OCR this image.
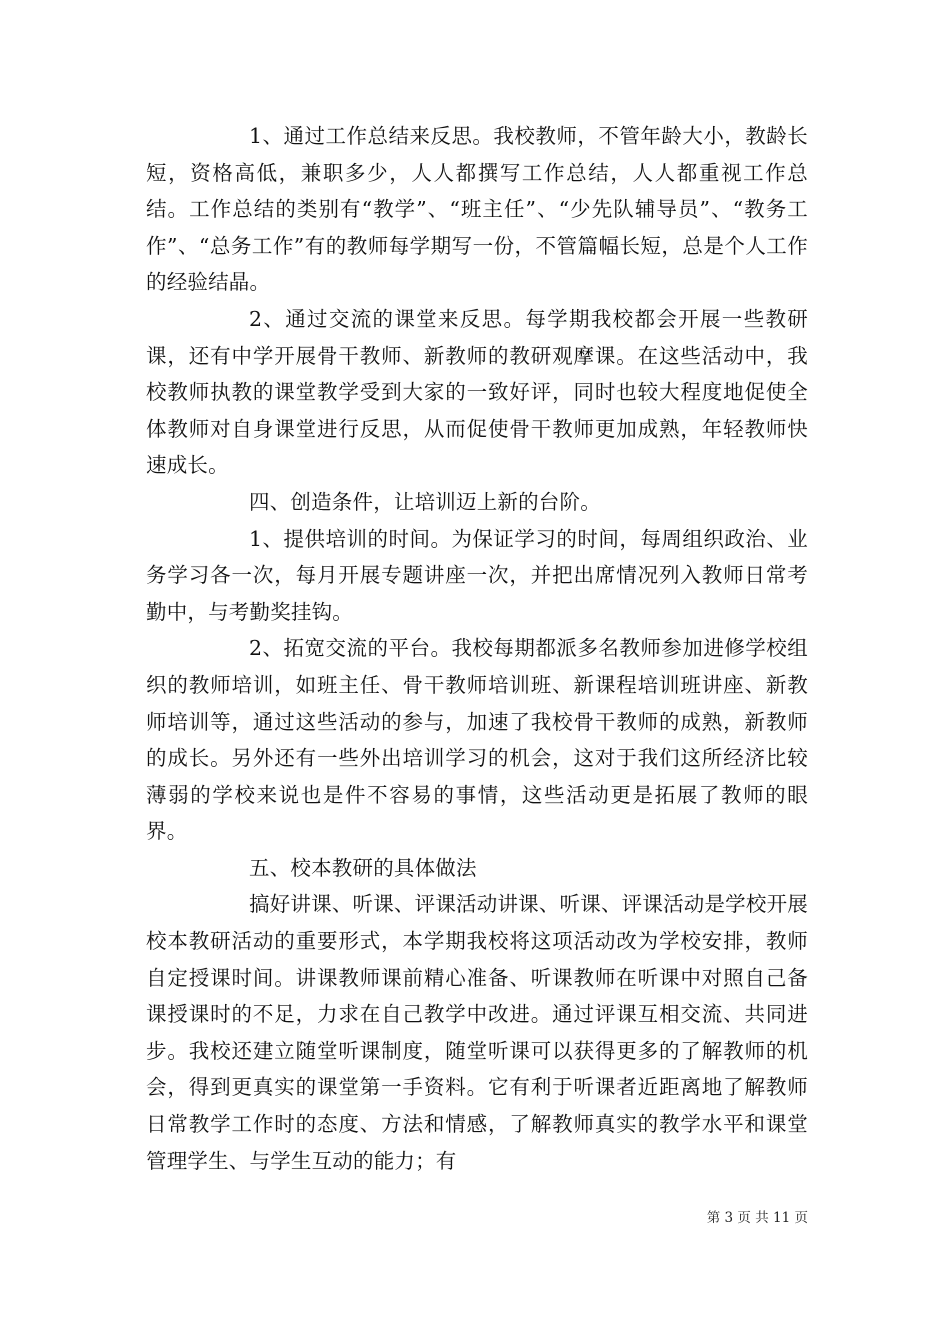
1、通过工作总结来反思。我校教师，不管年龄大小，教龄长短，资格高低，兼职多少，人人都撰写工作总结，人人都重视工作总结。工作总结的类别有“教学”、“班主任”、“少先队辅导员”、“教务工作”、“总务工作”有的教师每学期写一份，不管篇幅长短，总是个人工作的经验结晶。

2、通过交流的课堂来反思。每学期我校都会开展一些教研课，还有中学开展骨干教师、新教师的教研观摩课。在这些活动中，我校教师执教的课堂教学受到大家的一致好评，同时也较大程度地促使全体教师对自身课堂进行反思，从而促使骨干教师更加成熟，年轻教师快速成长。

四、创造条件，让培训迈上新的台阶。

1、提供培训的时间。为保证学习的时间，每周组织政治、业务学习各一次，每月开展专题讲座一次，并把出席情况列入教师日常考勤中，与考勤奖挂钩。

2、拓宽交流的平台。我校每期都派多名教师参加进修学校组织的教师培训，如班主任、骨干教师培训班、新课程培训班讲座、新教师培训等，通过这些活动的参与，加速了我校骨干教师的成熟，新教师的成长。另外还有一些外出培训学习的机会，这对于我们这所经济比较薄弱的学校来说也是件不容易的事情，这些活动更是拓展了教师的眼界。

五、校本教研的具体做法

搞好讲课、听课、评课活动讲课、听课、评课活动是学校开展校本教研活动的重要形式，本学期我校将这项活动改为学校安排，教师自定授课时间。讲课教师课前精心准备、听课教师在听课中对照自己备课授课时的不足，力求在自己教学中改进。通过评课互相交流、共同进步。我校还建立随堂听课制度，随堂听课可以获得更多的了解教师的机会，得到更真实的课堂第一手资料。它有利于听课者近距离地了解教师日常教学工作时的态度、方法和情感，了解教师真实的教学水平和课堂管理学生、与学生互动的能力；有

第 3 页 共 11 页
